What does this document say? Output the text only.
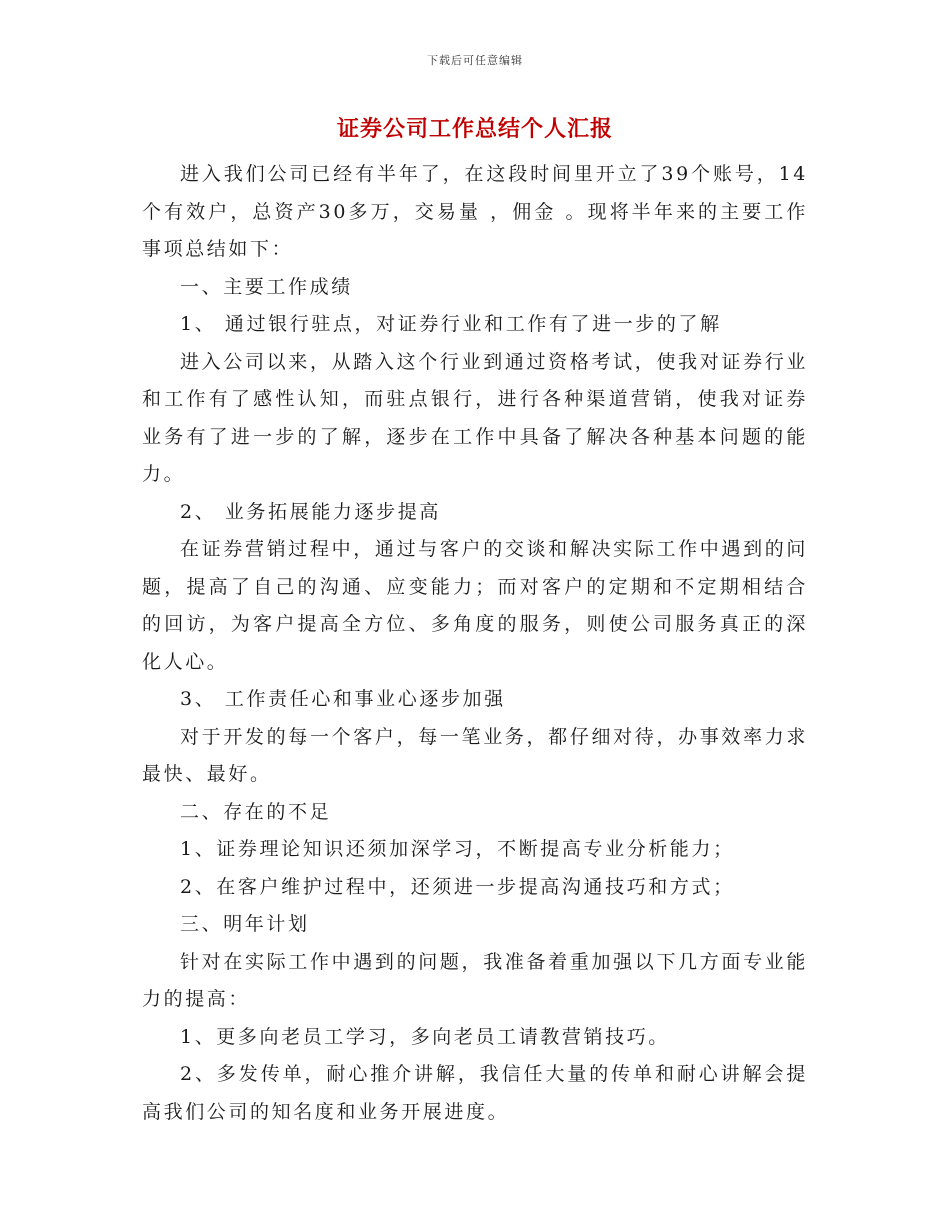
下载后可任意编辑
证券公司工作总结个人汇报

进入我们公司已经有半年了，在这段时间里开立了39个账号，14个有效户，总资产30多万，交易量 ，佣金 。现将半年来的主要工作事项总结如下：

一、主要工作成绩

1、 通过银行驻点，对证券行业和工作有了进一步的了解

进入公司以来，从踏入这个行业到通过资格考试，使我对证券行业和工作有了感性认知，而驻点银行，进行各种渠道营销，使我对证券业务有了进一步的了解，逐步在工作中具备了解决各种基本问题的能力。

2、 业务拓展能力逐步提高

在证券营销过程中，通过与客户的交谈和解决实际工作中遇到的问题，提高了自己的沟通、应变能力；而对客户的定期和不定期相结合的回访，为客户提高全方位、多角度的服务，则使公司服务真正的深化人心。

3、 工作责任心和事业心逐步加强

对于开发的每一个客户，每一笔业务，都仔细对待，办事效率力求最快、最好。

二、存在的不足

1、证券理论知识还须加深学习，不断提高专业分析能力；

2、在客户维护过程中，还须进一步提高沟通技巧和方式；

三、明年计划

针对在实际工作中遇到的问题，我准备着重加强以下几方面专业能力的提高：

1、更多向老员工学习，多向老员工请教营销技巧。

2、多发传单，耐心推介讲解，我信任大量的传单和耐心讲解会提高我们公司的知名度和业务开展进度。
